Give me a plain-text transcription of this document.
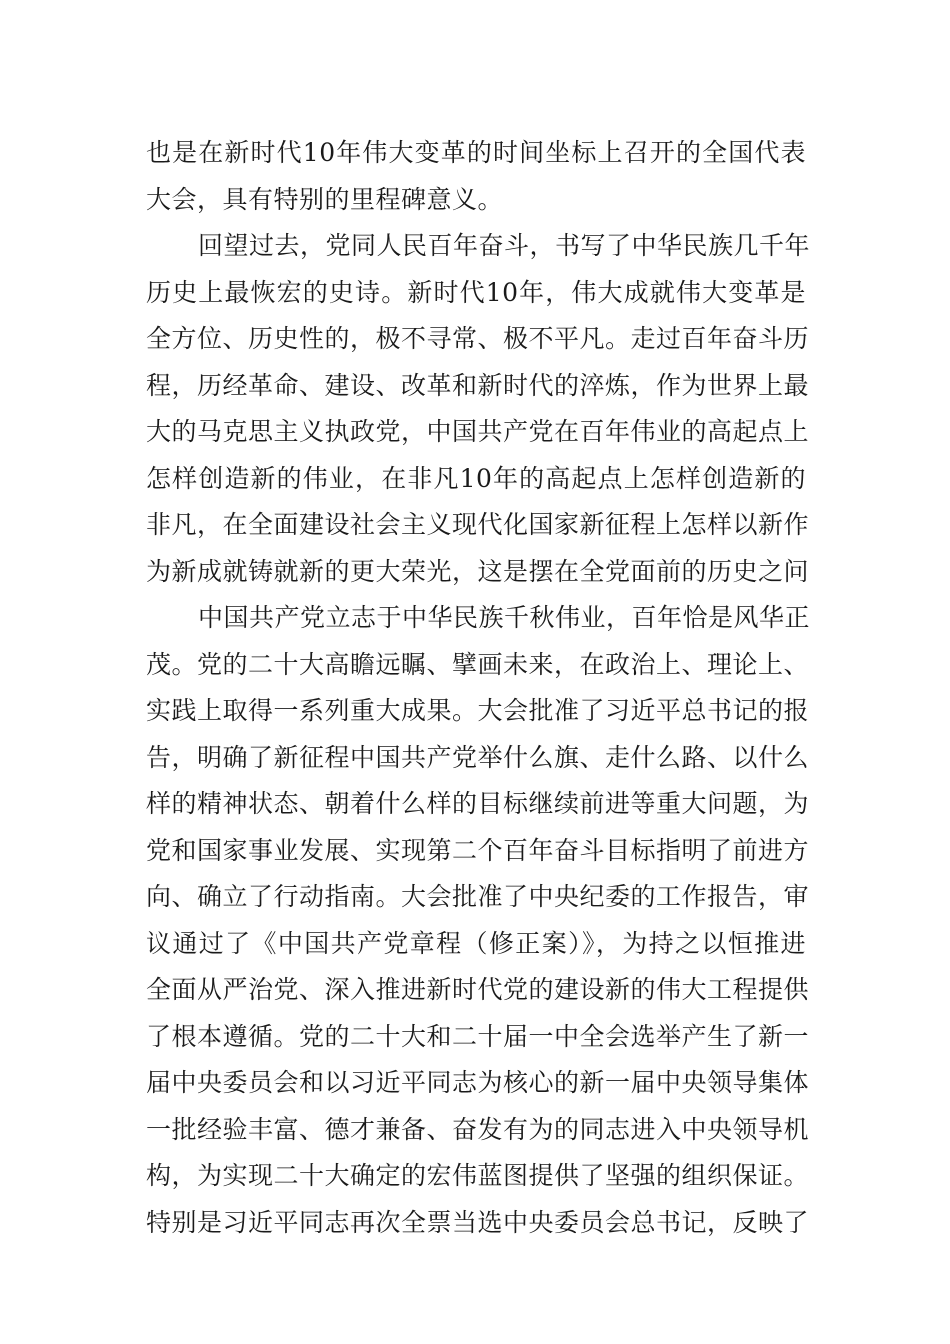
也是在新时代10年伟大变革的时间坐标上召开的全国代表
大会，具有特别的里程碑意义。
回望过去，党同人民百年奋斗，书写了中华民族几千年
历史上最恢宏的史诗。新时代10年，伟大成就伟大变革是
全方位、历史性的，极不寻常、极不平凡。走过百年奋斗历
程，历经革命、建设、改革和新时代的淬炼，作为世界上最
大的马克思主义执政党，中国共产党在百年伟业的高起点上
怎样创造新的伟业，在非凡10年的高起点上怎样创造新的
非凡，在全面建设社会主义现代化国家新征程上怎样以新作
为新成就铸就新的更大荣光，这是摆在全党面前的历史之问
中国共产党立志于中华民族千秋伟业，百年恰是风华正
茂。党的二十大高瞻远瞩、擘画未来，在政治上、理论上、
实践上取得一系列重大成果。大会批准了习近平总书记的报
告，明确了新征程中国共产党举什么旗、走什么路、以什么
样的精神状态、朝着什么样的目标继续前进等重大问题，为
党和国家事业发展、实现第二个百年奋斗目标指明了前进方
向、确立了行动指南。大会批准了中央纪委的工作报告，审
议通过了《中国共产党章程（修正案）》，为持之以恒推进
全面从严治党、深入推进新时代党的建设新的伟大工程提供
了根本遵循。党的二十大和二十届一中全会选举产生了新一
届中央委员会和以习近平同志为核心的新一届中央领导集体
一批经验丰富、德才兼备、奋发有为的同志进入中央领导机
构，为实现二十大确定的宏伟蓝图提供了坚强的组织保证。
特别是习近平同志再次全票当选中央委员会总书记，反映了
